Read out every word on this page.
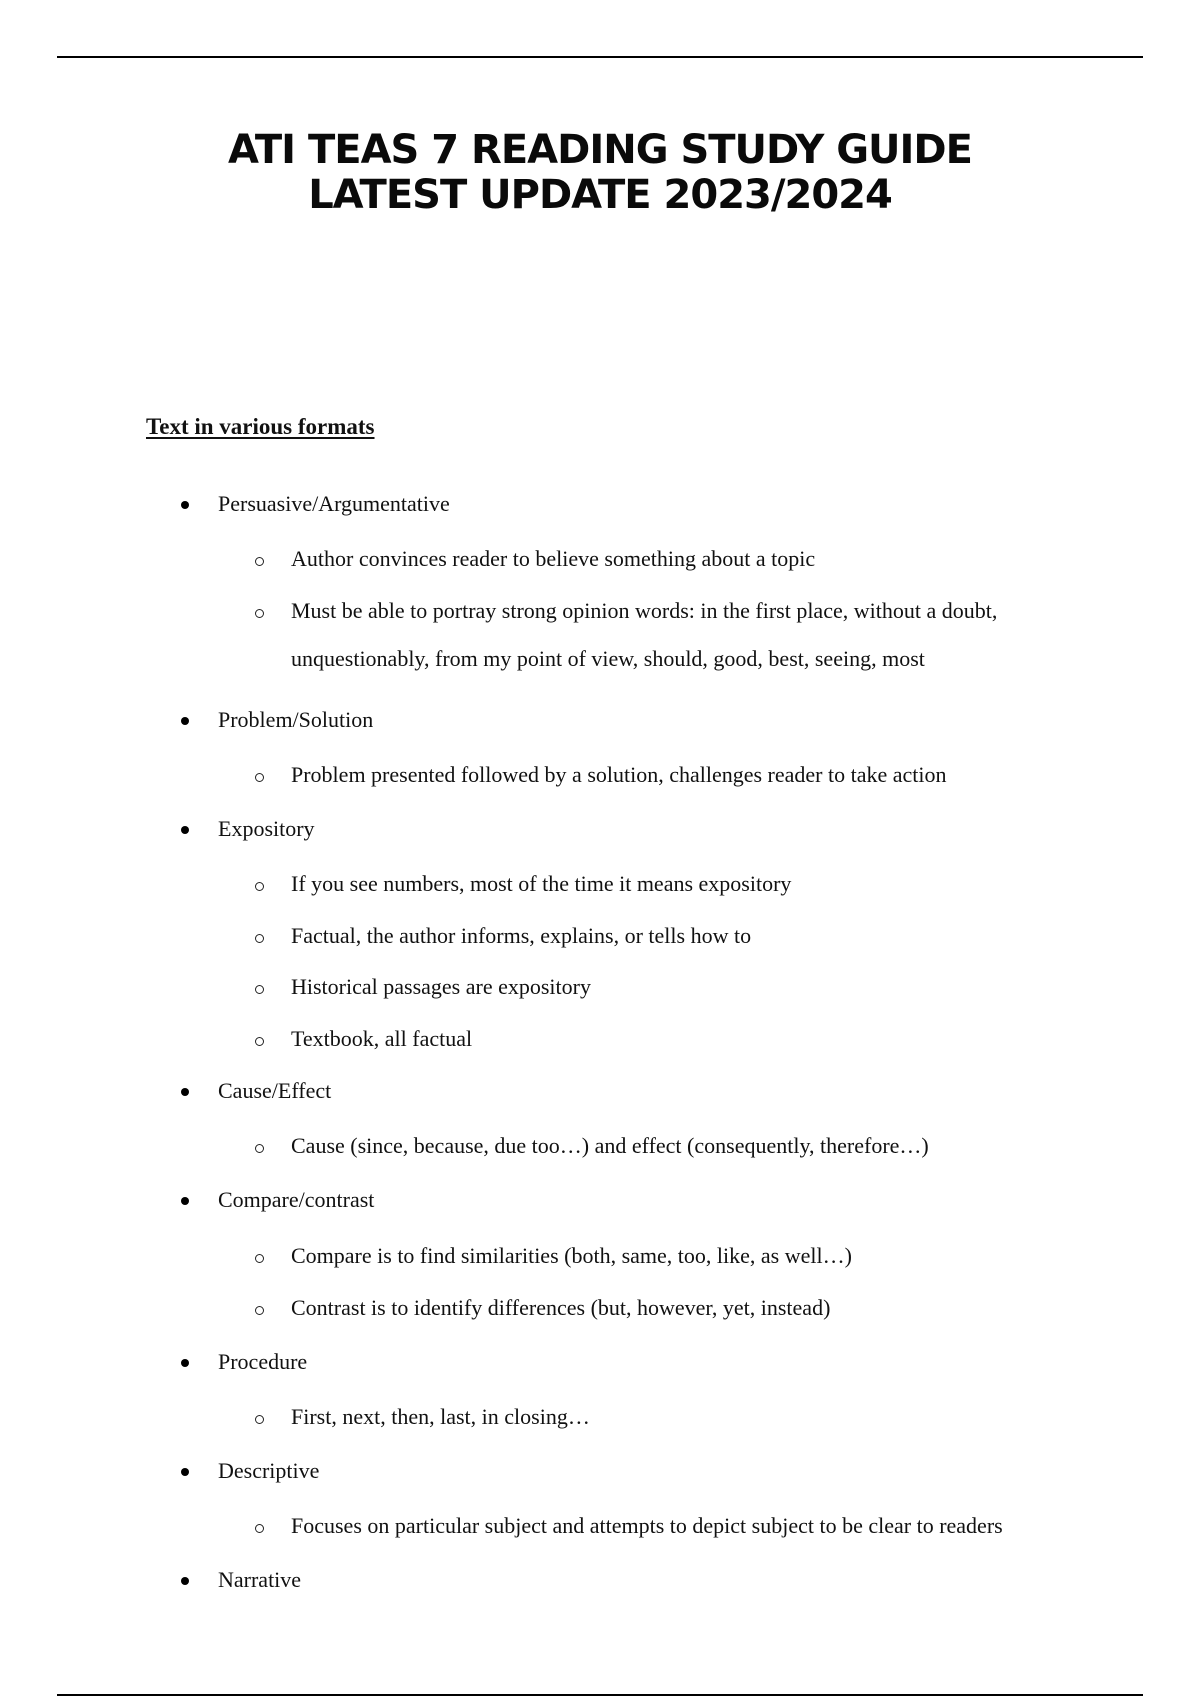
ATI TEAS 7 READING STUDY GUIDE
LATEST UPDATE 2023/2024
Text in various formats
Persuasive/Argumentative
Author convinces reader to believe something about a topic
Must be able to portray strong opinion words: in the first place, without a doubt, unquestionably, from my point of view, should, good, best, seeing, most
Problem/Solution
Problem presented followed by a solution, challenges reader to take action
Expository
If you see numbers, most of the time it means expository
Factual, the author informs, explains, or tells how to
Historical passages are expository
Textbook, all factual
Cause/Effect
Cause (since, because, due too…) and effect (consequently, therefore…)
Compare/contrast
Compare is to find similarities (both, same, too, like, as well…)
Contrast is to identify differences (but, however, yet, instead)
Procedure
First, next, then, last, in closing…
Descriptive
Focuses on particular subject and attempts to depict subject to be clear to readers
Narrative
